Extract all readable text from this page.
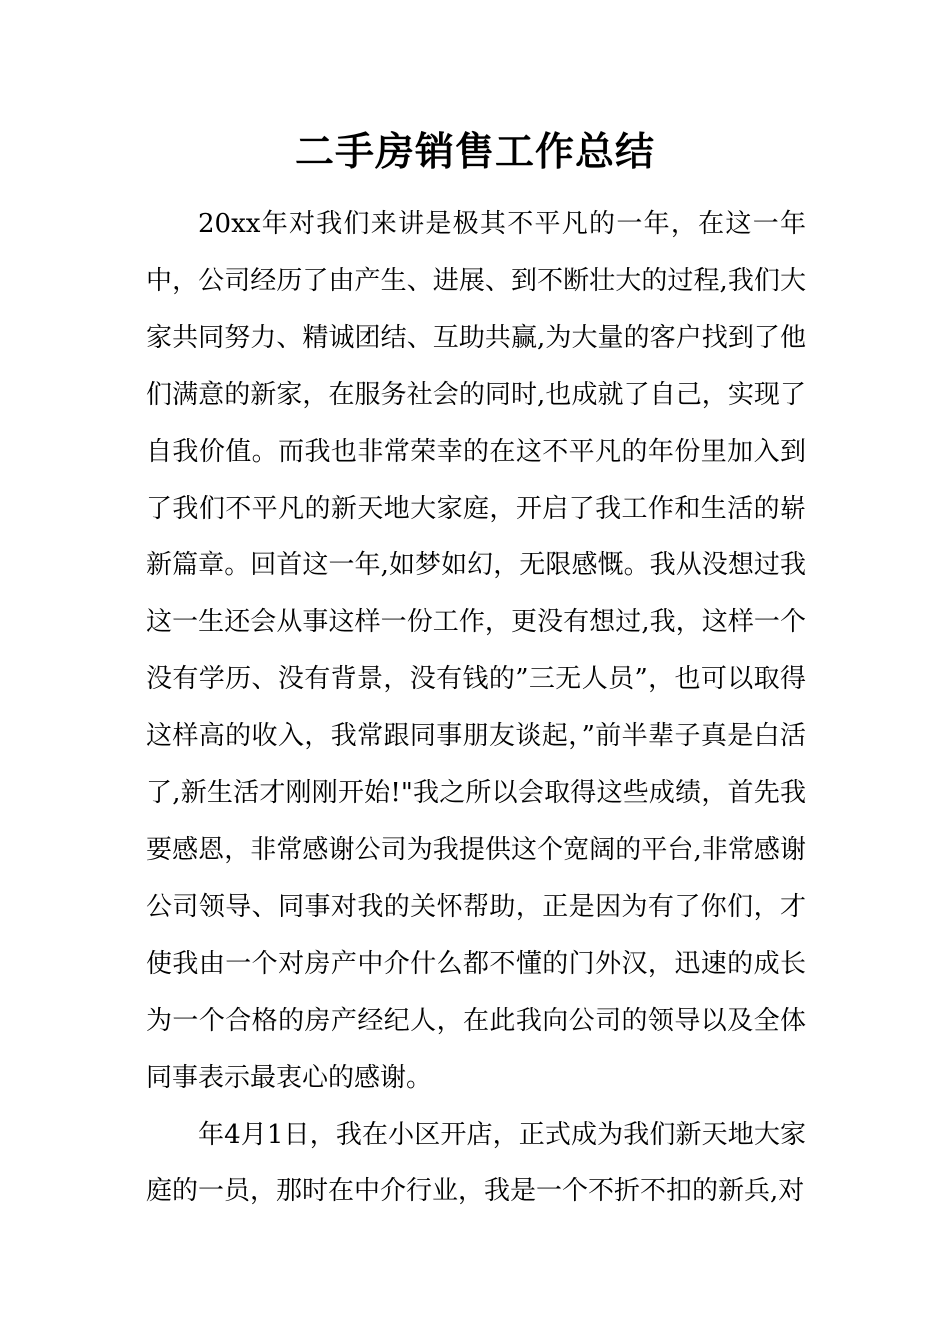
二手房销售工作总结

20xx年对我们来讲是极其不平凡的一年，在这一年中，公司经历了由产生、进展、到不断壮大的过程,我们大家共同努力、精诚团结、互助共赢,为大量的客户找到了他们满意的新家，在服务社会的同时,也成就了自己，实现了自我价值。而我也非常荣幸的在这不平凡的年份里加入到了我们不平凡的新天地大家庭，开启了我工作和生活的崭新篇章。回首这一年,如梦如幻，无限感慨。我从没想过我这一生还会从事这样一份工作，更没有想过,我，这样一个没有学历、没有背景，没有钱的”三无人员”，也可以取得这样高的收入，我常跟同事朋友谈起，”前半辈子真是白活了,新生活才刚刚开始!"我之所以会取得这些成绩，首先我要感恩，非常感谢公司为我提供这个宽阔的平台,非常感谢公司领导、同事对我的关怀帮助，正是因为有了你们，才使我由一个对房产中介什么都不懂的门外汉，迅速的成长为一个合格的房产经纪人，在此我向公司的领导以及全体同事表示最衷心的感谢。

年4月1日，我在小区开店，正式成为我们新天地大家庭的一员，那时在中介行业，我是一个不折不扣的新兵,对
